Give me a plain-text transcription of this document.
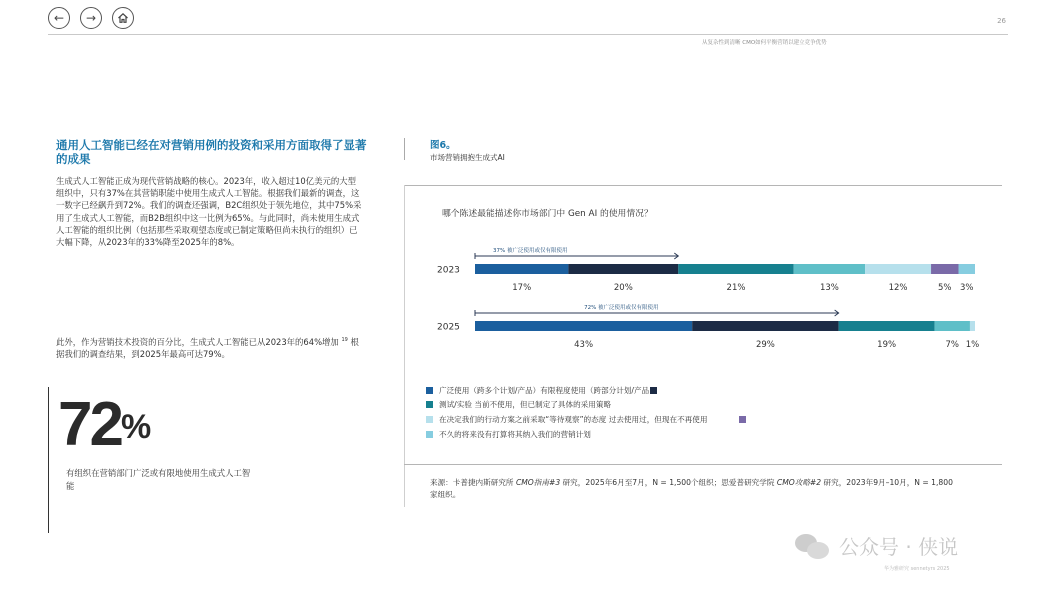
← →	26
从复杂性到清晰 CMO如何平衡营销以建立竞争优势
通用人工智能已经在对营销用例的投资和采用方面取得了显著的成果
生成式人工智能正成为现代营销战略的核心。2023年，收入超过10亿美元的大型组织中，只有37%在其营销职能中使用生成式人工智能。根据我们最新的调查，这一数字已经飙升到72%。我们的调查还强调，B2C组织处于领先地位，其中75%采用了生成式人工智能，而B2B组织中这一比例为65%。与此同时，尚未使用生成式人工智能的组织比例（包括那些采取观望态度或已制定策略但尚未执行的组织）已大幅下降，从2023年的33%降至2025年的8%。
此外，作为营销技术投资的百分比，生成式人工智能已从2023年的64%增加 $^{19}$ 根据我们的调查结果，到2025年最高可达79%。
72%
有组织在营销部门广泛或有限地使用生成式人工智能
图6。
市场营销拥抱生成式AI
哪个陈述最能描述你市场部门中 Gen AI 的使用情况？
2023
17%	20%	21%	13%	12%	5% 3%
37% 被广泛使用或仅有限使用
2025
43%	29%	19%	7% 1%
72% 被广泛使用或仅有限使用
广泛使用（跨多个计划/产品）有限程度使用（跨部分计划/产品
测试/实验 当前不使用，但已制定了具体的采用策略
在决定我们的行动方案之前采取“等待观察”的态度 过去使用过，但现在不再使用
不久的将来没有打算将其纳入我们的营销计划
来源：卡普捷内斯研究所 CMO指南#3 研究，2025年6月至7月，N = 1,500个组织；思爱普研究学院 CMO攻略#2 研究，2023年9月–10月，N = 1,800家组织。
公众号 · 侠说
华为雅研究 sennetyrs 2025
